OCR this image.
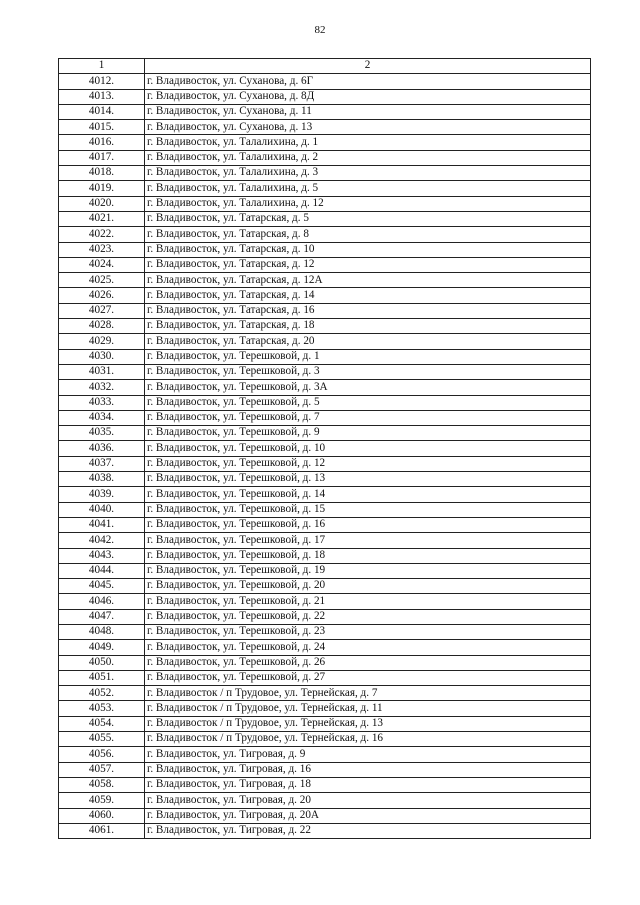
82
1	2
4012.	г. Владивосток, ул. Суханова, д. 6Г
4013.	г. Владивосток, ул. Суханова, д. 8Д
4014.	г. Владивосток, ул. Суханова, д. 11
4015.	г. Владивосток, ул. Суханова, д. 13
4016.	г. Владивосток, ул. Талалихина, д. 1
4017.	г. Владивосток, ул. Талалихина, д. 2
4018.	г. Владивосток, ул. Талалихина, д. 3
4019.	г. Владивосток, ул. Талалихина, д. 5
4020.	г. Владивосток, ул. Талалихина, д. 12
4021.	г. Владивосток, ул. Татарская, д. 5
4022.	г. Владивосток, ул. Татарская, д. 8
4023.	г. Владивосток, ул. Татарская, д. 10
4024.	г. Владивосток, ул. Татарская, д. 12
4025.	г. Владивосток, ул. Татарская, д. 12А
4026.	г. Владивосток, ул. Татарская, д. 14
4027.	г. Владивосток, ул. Татарская, д. 16
4028.	г. Владивосток, ул. Татарская, д. 18
4029.	г. Владивосток, ул. Татарская, д. 20
4030.	г. Владивосток, ул. Терешковой, д. 1
4031.	г. Владивосток, ул. Терешковой, д. 3
4032.	г. Владивосток, ул. Терешковой, д. 3А
4033.	г. Владивосток, ул. Терешковой, д. 5
4034.	г. Владивосток, ул. Терешковой, д. 7
4035.	г. Владивосток, ул. Терешковой, д. 9
4036.	г. Владивосток, ул. Терешковой, д. 10
4037.	г. Владивосток, ул. Терешковой, д. 12
4038.	г. Владивосток, ул. Терешковой, д. 13
4039.	г. Владивосток, ул. Терешковой, д. 14
4040.	г. Владивосток, ул. Терешковой, д. 15
4041.	г. Владивосток, ул. Терешковой, д. 16
4042.	г. Владивосток, ул. Терешковой, д. 17
4043.	г. Владивосток, ул. Терешковой, д. 18
4044.	г. Владивосток, ул. Терешковой, д. 19
4045.	г. Владивосток, ул. Терешковой, д. 20
4046.	г. Владивосток, ул. Терешковой, д. 21
4047.	г. Владивосток, ул. Терешковой, д. 22
4048.	г. Владивосток, ул. Терешковой, д. 23
4049.	г. Владивосток, ул. Терешковой, д. 24
4050.	г. Владивосток, ул. Терешковой, д. 26
4051.	г. Владивосток, ул. Терешковой, д. 27
4052.	г. Владивосток / п Трудовое, ул. Тернейская, д. 7
4053.	г. Владивосток / п Трудовое, ул. Тернейская, д. 11
4054.	г. Владивосток / п Трудовое, ул. Тернейская, д. 13
4055.	г. Владивосток / п Трудовое, ул. Тернейская, д. 16
4056.	г. Владивосток, ул. Тигровая, д. 9
4057.	г. Владивосток, ул. Тигровая, д. 16
4058.	г. Владивосток, ул. Тигровая, д. 18
4059.	г. Владивосток, ул. Тигровая, д. 20
4060.	г. Владивосток, ул. Тигровая, д. 20А
4061.	г. Владивосток, ул. Тигровая, д. 22
